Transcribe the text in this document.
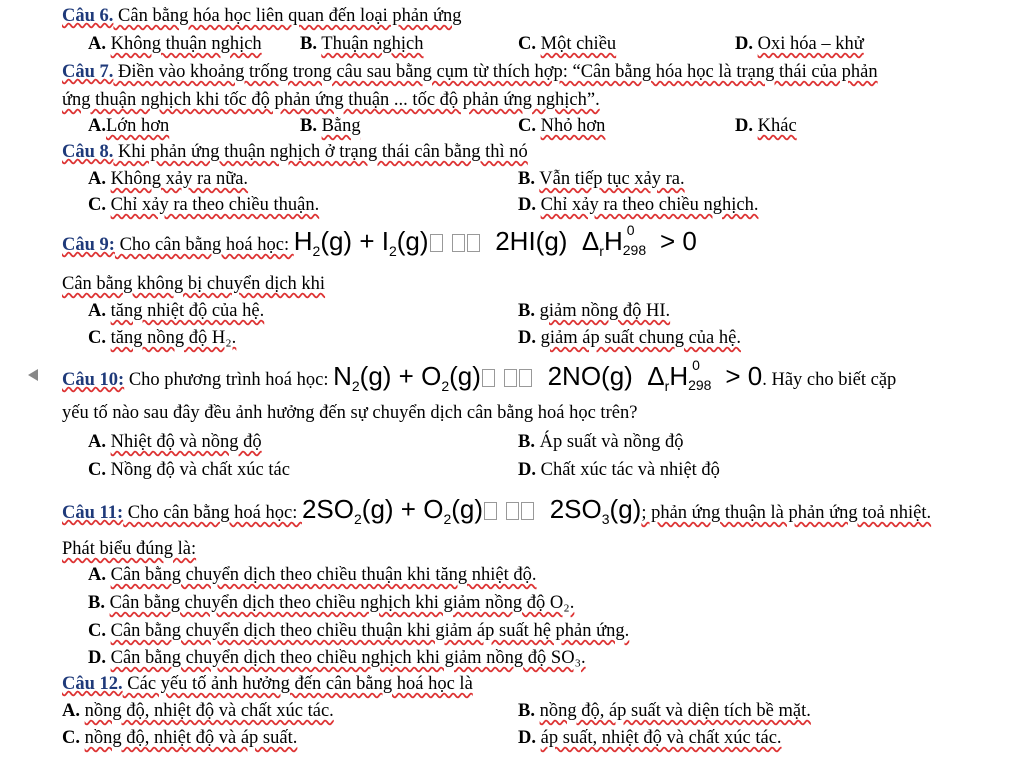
Câu 6. Cân bằng hóa học liên quan đến loại phản ứng
A. Không thuận nghịch B. Thuận nghịch	C. Một chiều	D. Oxi hóa – khử
Câu 7. Điền vào khoảng trống trong câu sau bằng cụm từ thích hợp: “Cân bằng hóa học là trạng thái của phản
ứng thuận nghịch khi tốc độ phản ứng thuận ... tốc độ phản ứng nghịch”.
A.Lớn hơn	B. Bằng	C. Nhỏ hơn	D. Khác
Câu 8. Khi phản ứng thuận nghịch ở trạng thái cân bằng thì nó
A. Không xảy ra nữa.	B. Vẫn tiếp tục xảy ra.
C. Chỉ xảy ra theo chiều thuận.	D. Chỉ xảy ra theo chiều nghịch.
Câu 9: Cho cân bằng hoá học: $H_2(g) + I_2(g)$	2HI(g) $\Delta_rH$ 0
298 > 0
Cân bằng không bị chuyển dịch khi
A. tăng nhiệt độ của hệ.	B. giảm nồng độ HI.
C. tăng nồng độ H₂.	D. giảm áp suất chung của hệ.
Câu 10: Cho phương trình hoá học: $N_2(g) + O_2(g)$	2NO(g) $\Delta_rH$ 0
298 > 0. Hãy cho biết cặp
yếu tố nào sau đây đều ảnh hưởng đến sự chuyển dịch cân bằng hoá học trên?
A. Nhiệt độ và nồng độ	B. Áp suất và nồng độ
C. Nồng độ và chất xúc tác	D. Chất xúc tác và nhiệt độ
Câu 11: Cho cân bằng hoá học: $2SO_2(g) + O_2(g)$	$2SO_3(g)$; phản ứng thuận là phản ứng toả nhiệt.
Phát biểu đúng là:
A. Cân bằng chuyển dịch theo chiều thuận khi tăng nhiệt độ.
B. Cân bằng chuyển dịch theo chiều nghịch khi giảm nồng độ O₂.
C. Cân bằng chuyển dịch theo chiều thuận khi giảm áp suất hệ phản ứng.
D. Cân bằng chuyển dịch theo chiều nghịch khi giảm nồng độ SO₃.
Câu 12. Các yếu tố ảnh hưởng đến cân bằng hoá học là
A. nồng độ, nhiệt độ và chất xúc tác.	B. nồng độ, áp suất và diện tích bề mặt.
C. nồng độ, nhiệt độ và áp suất.	D. áp suất, nhiệt độ và chất xúc tác.
